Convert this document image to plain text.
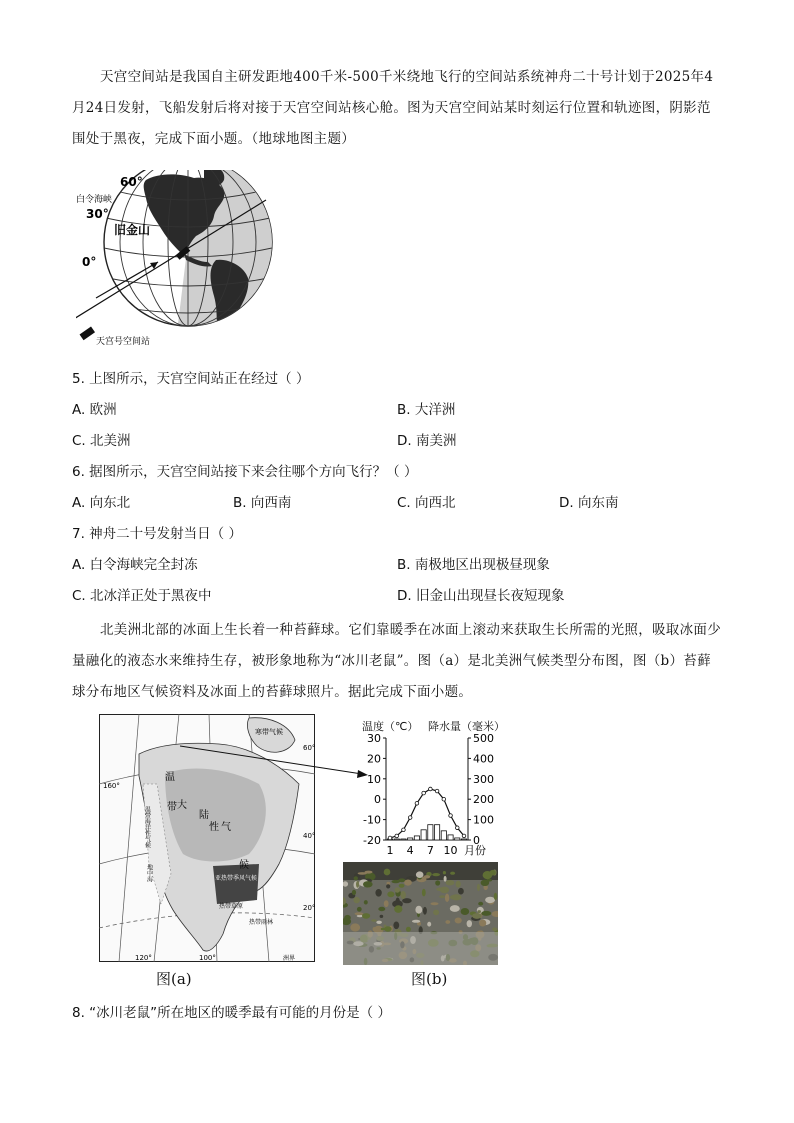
天宫空间站是我国自主研发距地400千米-500千米绕地飞行的空间站系统神舟二十号计划于2025年4月24日发射，飞船发射后将对接于天宫空间站核心舱。图为天宫空间站某时刻运行位置和轨迹图，阴影范围处于黑夜，完成下面小题。（地球地图主题）
60°
30°
0°
白令海峡
旧金山
天宫号空间站
5. 上图所示，天宫空间站正在经过（ ）
A. 欧洲	B. 大洋洲
C. 北美洲	D. 南美洲
6. 据图所示，天宫空间站接下来会往哪个方向飞行？（ ）
A. 向东北	B. 向西南	C. 向西北	D. 向东南
7. 神舟二十号发射当日（ ）
A. 白令海峡完全封冻	B. 南极地区出现极昼现象
C. 北冰洋正处于黑夜中	D. 旧金山出现昼长夜短现象
北美洲北部的冰面上生长着一种苔藓球。它们靠暖季在冰面上滚动来获取生长所需的光照，吸取冰面少量融化的液态水来维持生存，被形象地称为“冰川老鼠”。图（a）是北美洲气候类型分布图，图（b）苔藓球分布地区气候资料及冰面上的苔藓球照片。据此完成下面小题。
寒带气候
温
带 大
陆
性 气
候
温带海洋性气候
地中海	亚热带季风气候
热带草原
热带雨林
160°
120°	100°
60°
40°
20°
洲界
图(a)
温度（℃） 降水量（毫米）
30
20
10
0
-10
-20
500
400
300
200
100
0
1 4 7 10 月份
图(b)
8. “冰川老鼠”所在地区的暖季最有可能的月份是（ ）
